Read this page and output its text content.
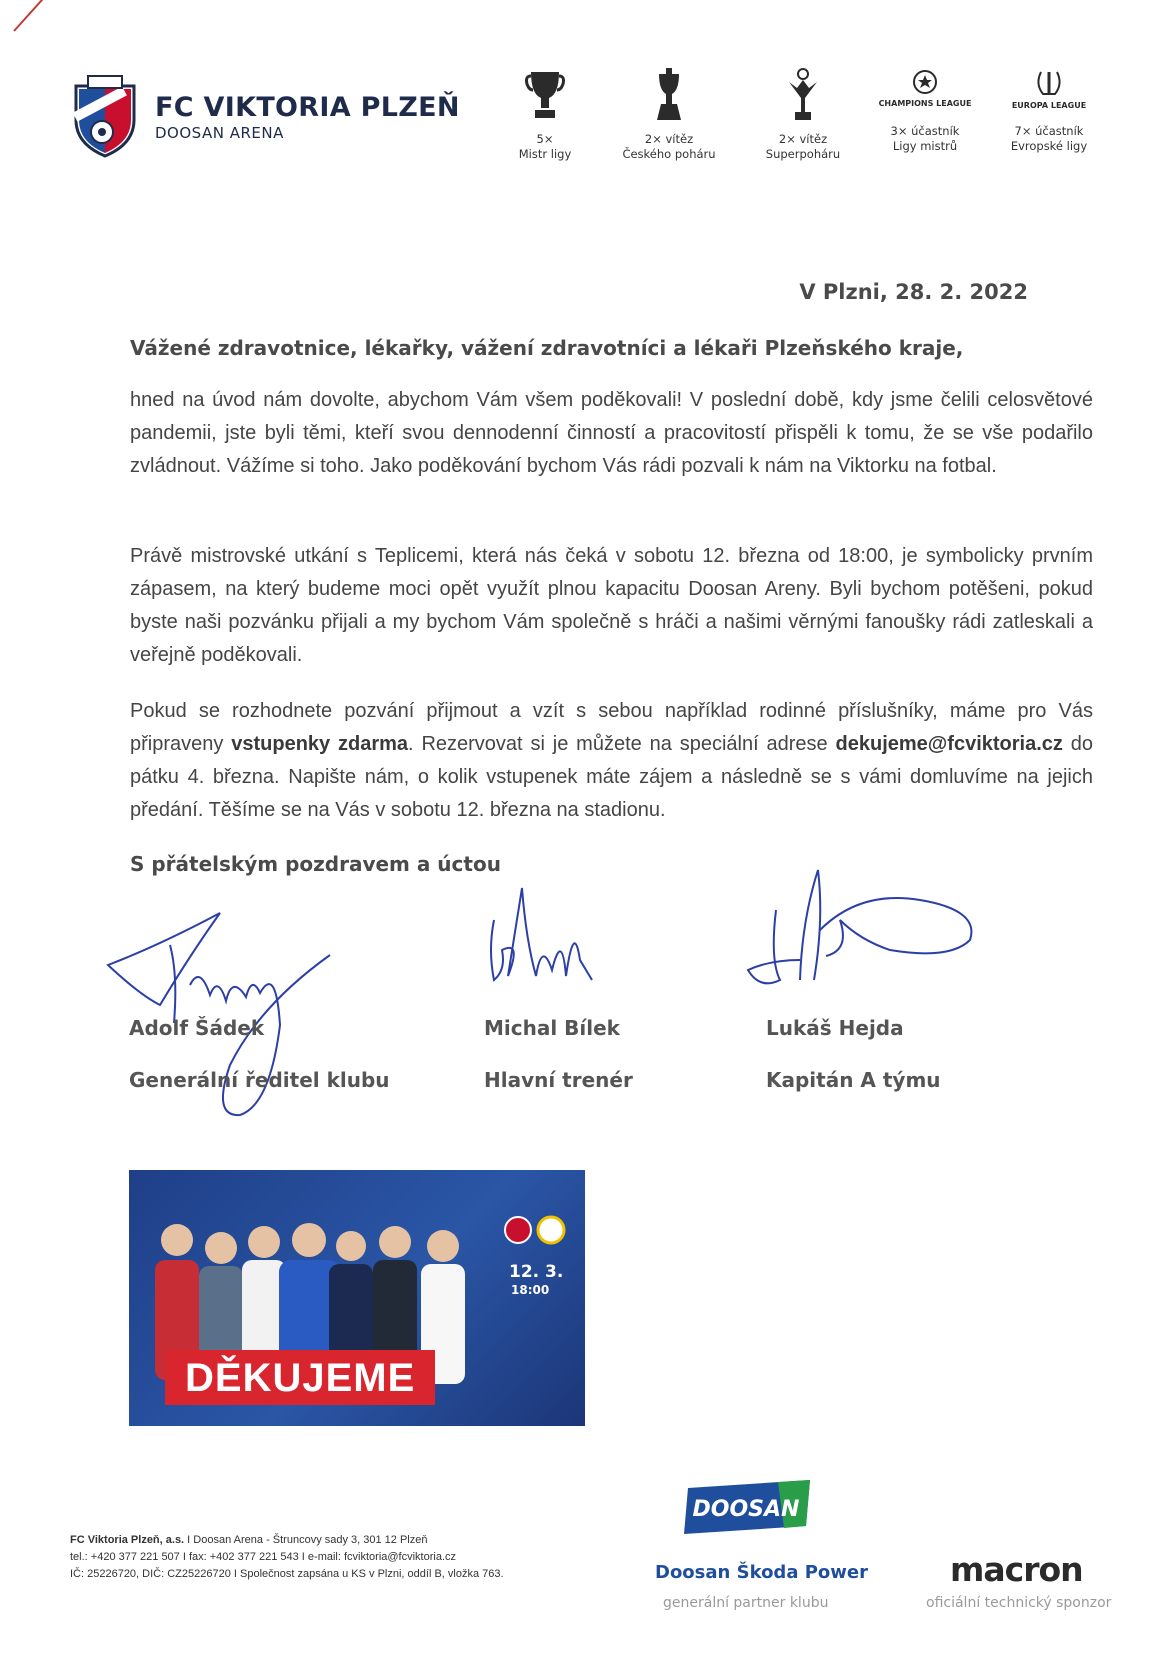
FC VIKTORIA PLZEŇ
DOOSAN ARENA	5×
Mistr ligy
2× vítěz
Českého poháru
2× vítěz
Superpoháru
CHAMPIONS LEAGUE
3× účastník
Ligy mistrů
EUROPA LEAGUE
7× účastník
Evropské ligy
V Plzni, 28. 2. 2022
Vážené zdravotnice, lékařky, vážení zdravotníci a lékaři Plzeňského kraje,
hned na úvod nám dovolte, abychom Vám všem poděkovali! V poslední době, kdy jsme čelili celosvětové pandemii, jste byli těmi, kteří svou dennodenní činností a pracovitostí přispěli k tomu, že se vše podařilo zvládnout. Vážíme si toho. Jako poděkování bychom Vás rádi pozvali k nám na Viktorku na fotbal.
Právě mistrovské utkání s Teplicemi, která nás čeká v sobotu 12. března od 18:00, je symbolicky prvním zápasem, na který budeme moci opět využít plnou kapacitu Doosan Areny. Byli bychom potěšeni, pokud byste naši pozvánku přijali a my bychom Vám společně s hráči a našimi věrnými fanoušky rádi zatleskali a veřejně poděkovali.
Pokud se rozhodnete pozvání přijmout a vzít s sebou například rodinné příslušníky, máme pro Vás připraveny vstupenky zdarma. Rezervovat si je můžete na speciální adrese dekujeme@fcviktoria.cz do pátku 4. března. Napište nám, o kolik vstupenek máte zájem a následně se s vámi domluvíme na jejich předání. Těšíme se na Vás v sobotu 12. března na stadionu.
S přátelským pozdravem a úctou
Adolf Šádek
Generální ředitel klubu
Michal Bílek
Hlavní trenér
Lukáš Hejda
Kapitán A týmu
12. 3.
18:00
DĚKUJEME
FC Viktoria Plzeň, a.s. I Doosan Arena - Štruncovy sady 3, 301 12 Plzeň
tel.: +420 377 221 507 I fax: +402 377 221 543 I e-mail: fcviktoria@fcviktoria.cz
IČ: 25226720, DIČ: CZ25226720 I Společnost zapsána u KS v Plzni, oddíl B, vložka 763.
DOOSAN
Doosan Škoda Power
generální partner klubu
macron
oficiální technický sponzor
